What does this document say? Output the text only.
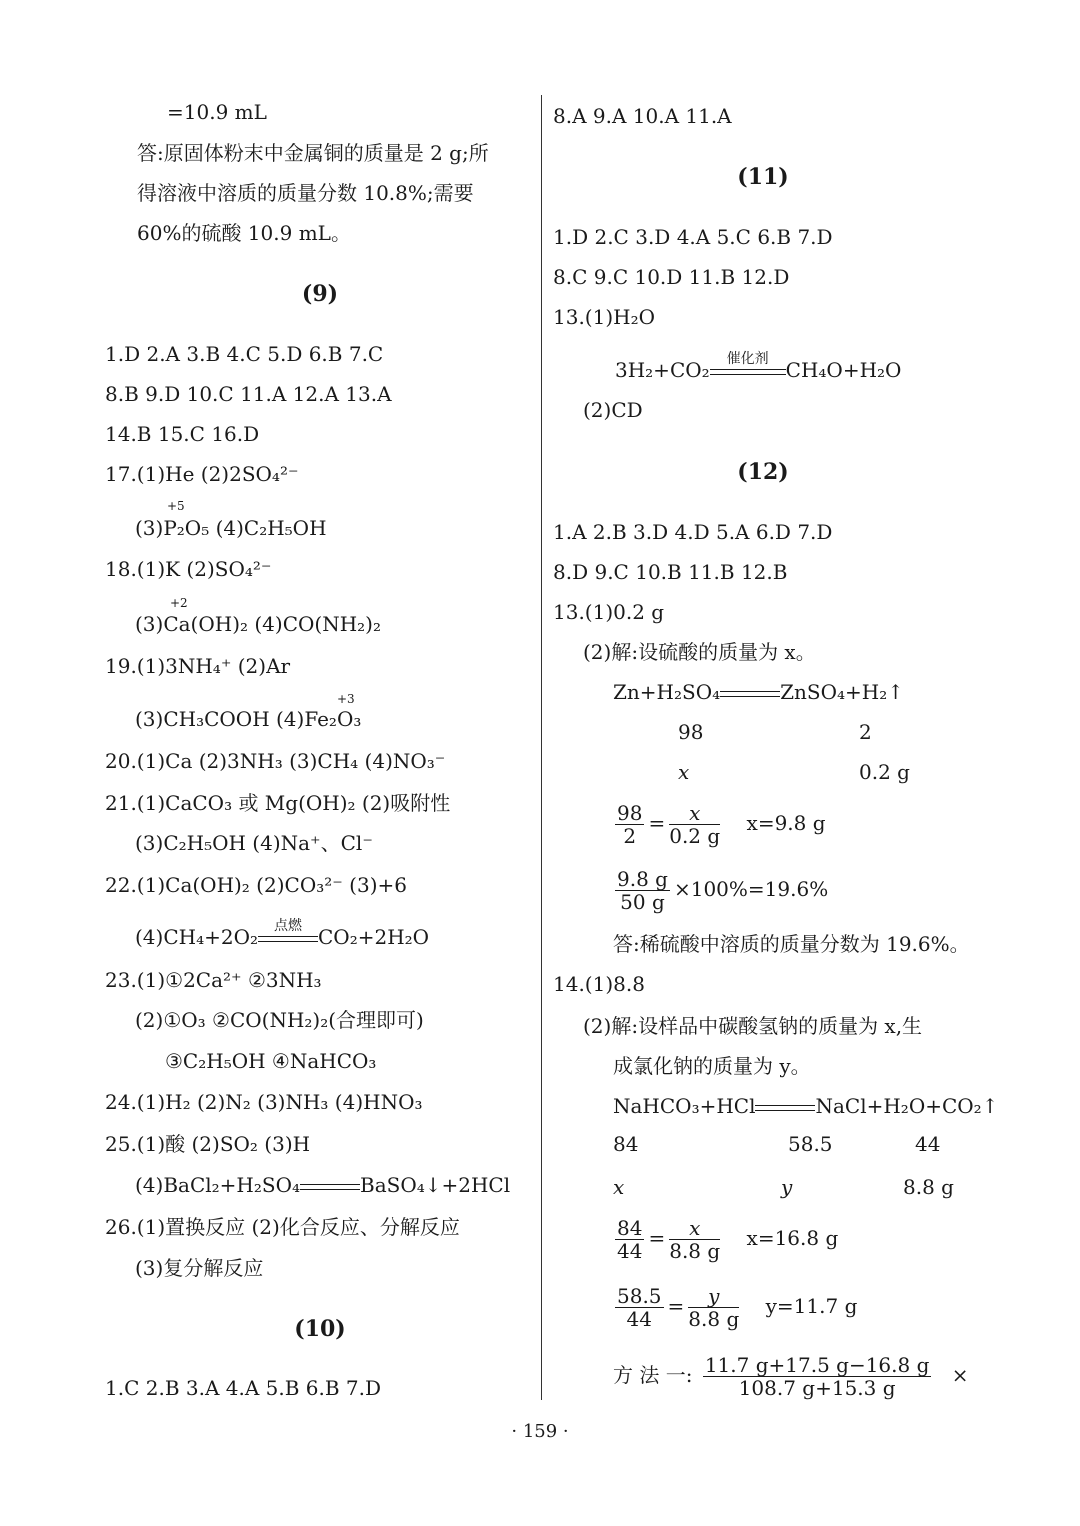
=10.9 mL
答:原固体粉末中金属铜的质量是 2 g;所
得溶液中溶质的质量分数 10.8%;需要
60%的硫酸 10.9 mL。
(9)
1.D 2.A 3.B 4.C 5.D 6.B 7.C
8.B 9.D 10.C 11.A 12.A 13.A
14.B 15.C 16.D
17.(1)He (2)2SO₄²⁻
+5
(3)P₂O₅ (4)C₂H₅OH
18.(1)K (2)SO₄²⁻
+2
(3)Ca(OH)₂ (4)CO(NH₂)₂
19.(1)3NH₄⁺ (2)Ar
+3
(3)CH₃COOH (4)Fe₂O₃
20.(1)Ca (2)3NH₃ (3)CH₄ (4)NO₃⁻
21.(1)CaCO₃ 或 Mg(OH)₂ (2)吸附性
(3)C₂H₅OH (4)Na⁺、Cl⁻
22.(1)Ca(OH)₂ (2)CO₃²⁻ (3)+6
(4)CH₄+2O₂	点燃 CO₂+2H₂O
23.(1)①2Ca²⁺ ②3NH₃
(2)①O₃ ②CO(NH₂)₂(合理即可)
③C₂H₅OH ④NaHCO₃
24.(1)H₂ (2)N₂ (3)NH₃ (4)HNO₃
25.(1)酸 (2)SO₂ (3)H
(4)BaCl₂+H₂SO₄	BaSO₄↓+2HCl
26.(1)置换反应 (2)化合反应、分解反应
(3)复分解反应
(10)
1.C 2.B 3.A 4.A 5.B 6.B 7.D
8.A 9.A 10.A 11.A
(11)
1.D 2.C 3.D 4.A 5.C 6.B 7.D
8.C 9.C 10.D 11.B 12.D
13.(1)H₂O
3H₂+CO₂	催化剂 CH₄O+H₂O
(2)CD
(12)
1.A 2.B 3.D 4.D 5.A 6.D 7.D
8.D 9.C 10.B 11.B 12.B
13.(1)0.2 g
(2)解:设硫酸的质量为 x。
Zn+H₂SO₄	ZnSO₄+H₂↑
98	2
x	0.2 g
$\frac{98}{2} = \frac{x}{0.2 g} x=9.8$ g
$\frac{9.8 g}{50 g} \times 100\%=19.6\%$
答:稀硫酸中溶质的质量分数为 19.6%。
14.(1)8.8
(2)解:设样品中碳酸氢钠的质量为 x,生
成氯化钠的质量为 y。
NaHCO₃+HCl	NaCl+H₂O+CO₂↑
84	58.5	44
x	y	8.8 g
$\frac{84}{44} = \frac{x}{8.8 g} x=16.8$ g
$\frac{58.5}{44} = \frac{y}{8.8 g} y=11.7$ g
方 法 一: $\frac{11.7 g+17.5 g-16.8 g}{108.7 g+15.3 g}$ ×
· 159 ·
